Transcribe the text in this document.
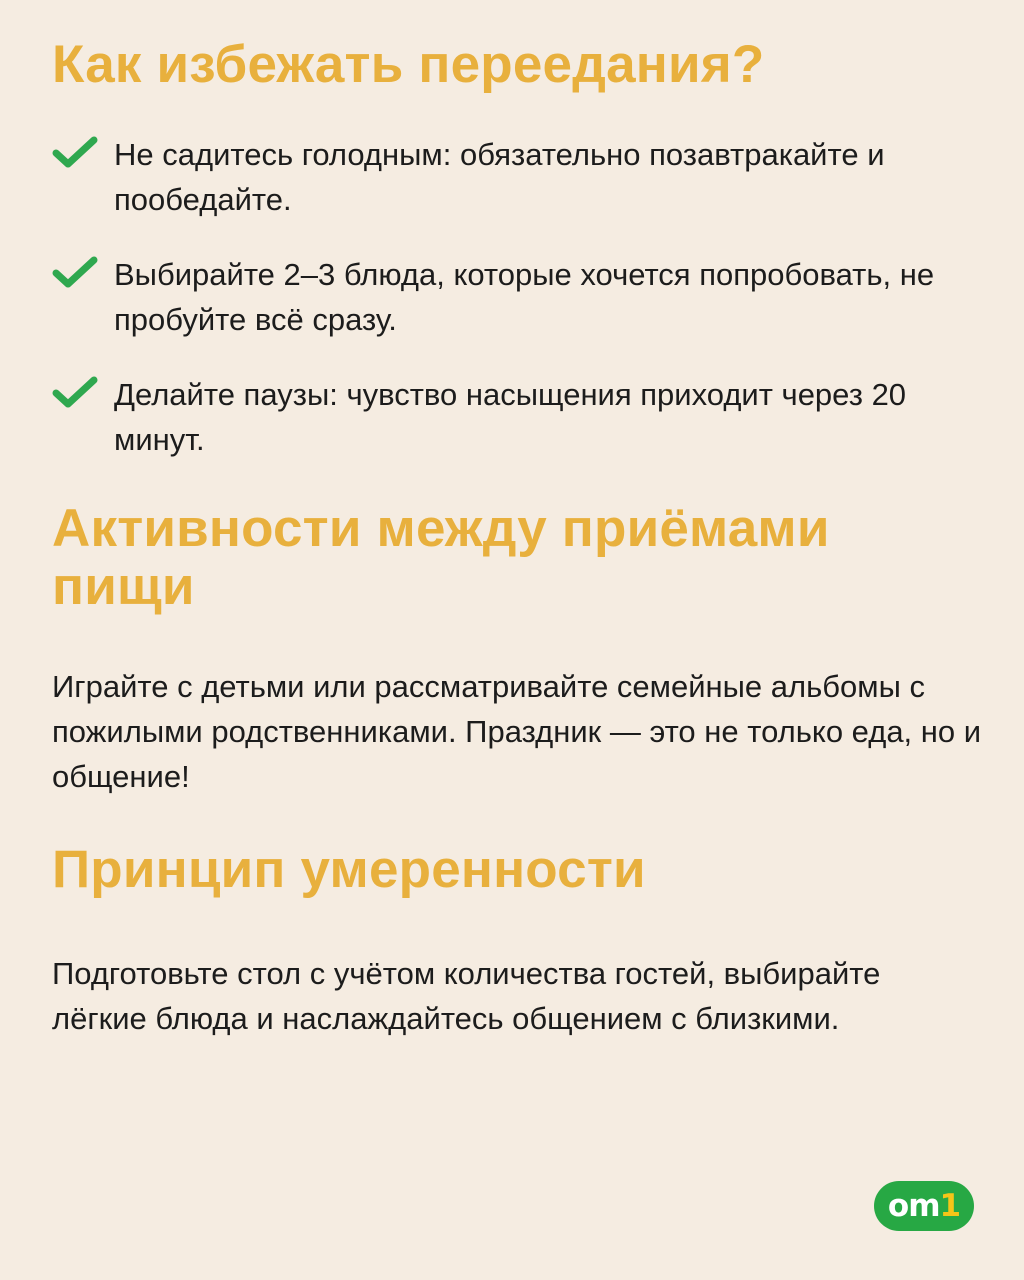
Как избежать переедания?
Не садитесь голодным: обязательно позавтракайте и пообедайте.
Выбирайте 2–3 блюда, которые хочется попробовать, не пробуйте всё сразу.
Делайте паузы: чувство насыщения приходит через 20 минут.
Активности между приёмами пищи

Играйте с детьми или рассматривайте семейные альбомы с пожилыми родственниками. Праздник — это не только еда, но и общение!

Принцип умеренности

Подготовьте стол с учётом количества гостей, выбирайте лёгкие блюда и наслаждайтесь общением с близкими.

om1
